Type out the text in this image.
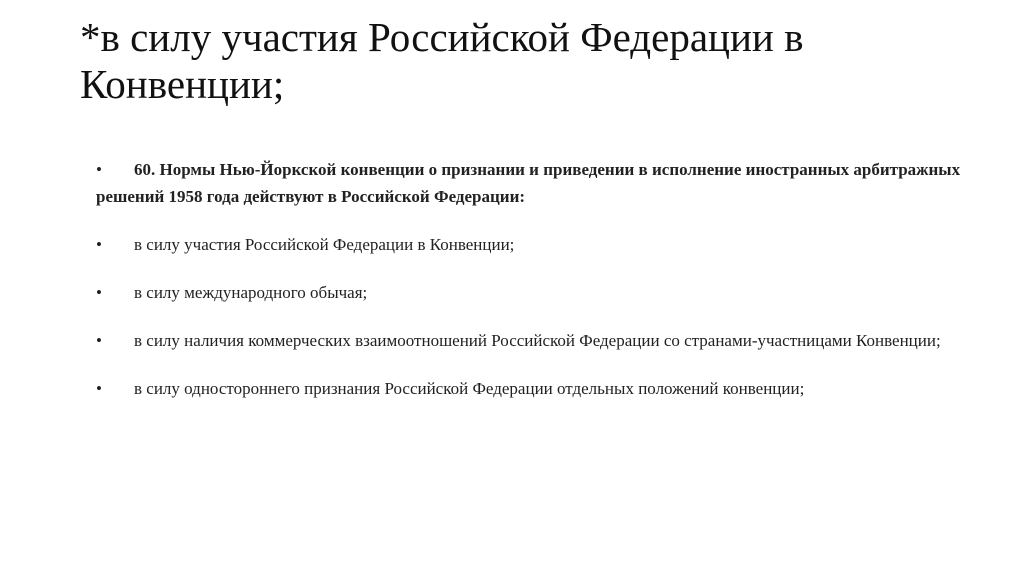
*в силу участия Российской Федерации в Конвенции;
• 60. Нормы Нью-Йоркской конвенции о признании и приведении в исполнение иностранных арбитражных решений 1958 года действуют в Российской Федерации:
• в силу участия Российской Федерации в Конвенции;
• в силу международного обычая;
• в силу наличия коммерческих взаимоотношений Российской Федерации со странами-участницами Конвенции;
• в силу одностороннего признания Российской Федерации отдельных положений конвенции;
